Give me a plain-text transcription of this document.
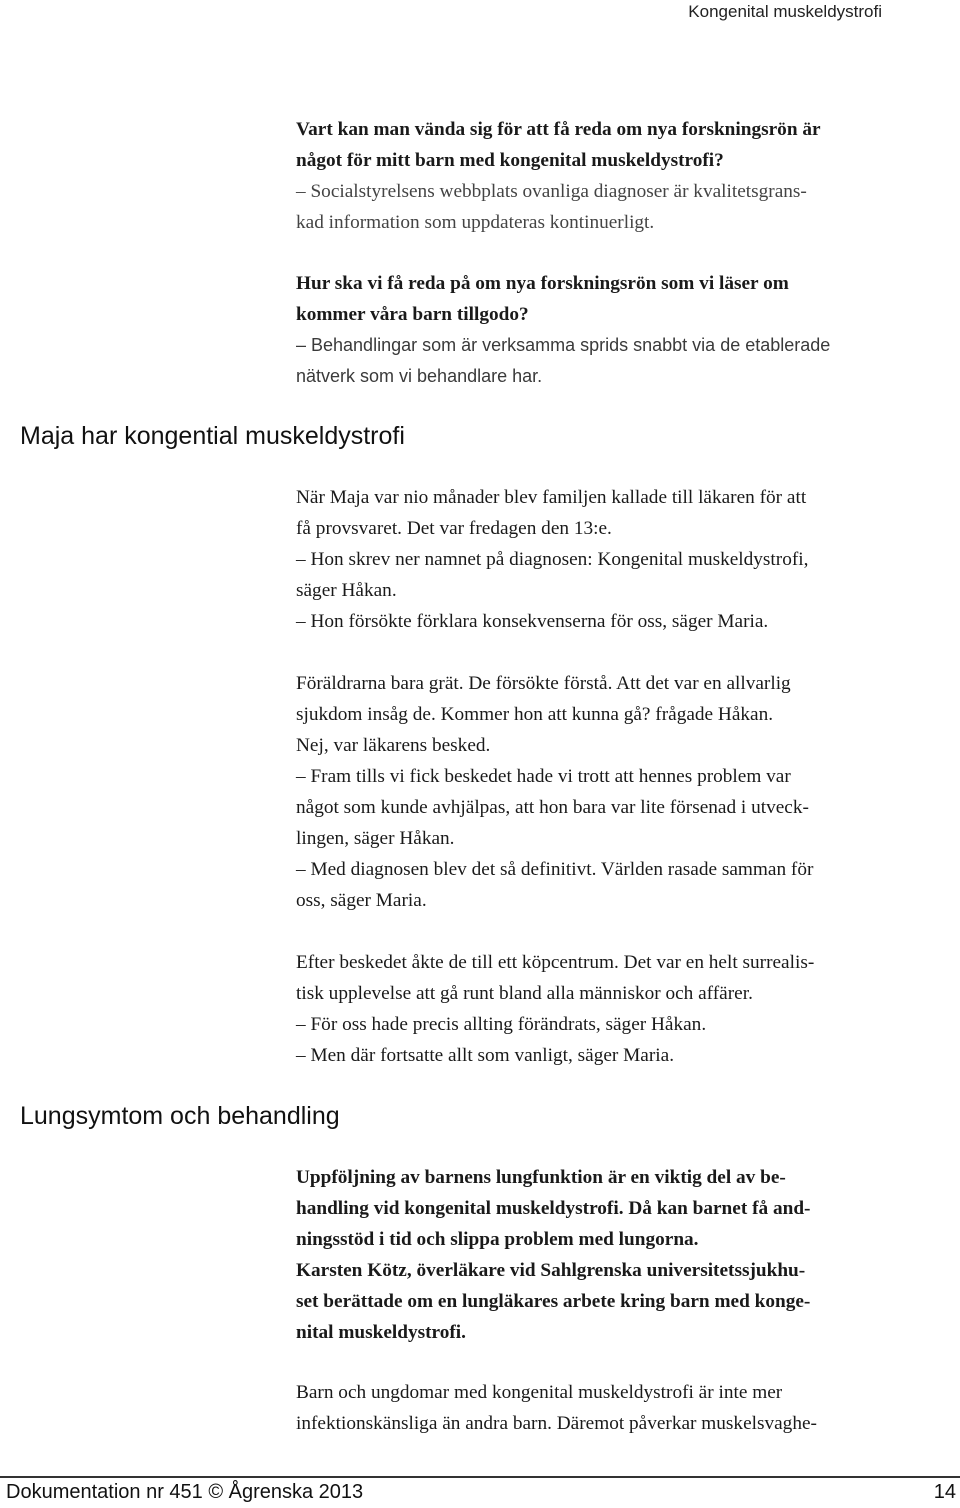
Kongenital muskeldystrofi
Vart kan man vända sig för att få reda om nya forskningsrön är
något för mitt barn med kongenital muskeldystrofi?
– Socialstyrelsens webbplats ovanliga diagnoser är kvalitetsgrans-
kad information som uppdateras kontinuerligt.
Hur ska vi få reda på om nya forskningsrön som vi läser om
kommer våra barn tillgodo?
– Behandlingar som är verksamma sprids snabbt via de etablerade
nätverk som vi behandlare har.
Maja har kongential muskeldystrofi
När Maja var nio månader blev familjen kallade till läkaren för att
få provsvaret. Det var fredagen den 13:e.
– Hon skrev ner namnet på diagnosen: Kongenital muskeldystrofi,
säger Håkan.
– Hon försökte förklara konsekvenserna för oss, säger Maria.
Föräldrarna bara grät. De försökte förstå. Att det var en allvarlig
sjukdom insåg de. Kommer hon att kunna gå? frågade Håkan.
Nej, var läkarens besked.
– Fram tills vi fick beskedet hade vi trott att hennes problem var
något som kunde avhjälpas, att hon bara var lite försenad i utveck-
lingen, säger Håkan.
– Med diagnosen blev det så definitivt. Världen rasade samman för
oss, säger Maria.
Efter beskedet åkte de till ett köpcentrum. Det var en helt surrealis-
tisk upplevelse att gå runt bland alla människor och affärer.
– För oss hade precis allting förändrats, säger Håkan.
– Men där fortsatte allt som vanligt, säger Maria.
Lungsymtom och behandling
Uppföljning av barnens lungfunktion är en viktig del av be-
handling vid kongenital muskeldystrofi. Då kan barnet få and-
ningsstöd i tid och slippa problem med lungorna.
Karsten Kötz, överläkare vid Sahlgrenska universitetssjukhu-
set berättade om en lungläkares arbete kring barn med konge-
nital muskeldystrofi.
Barn och ungdomar med kongenital muskeldystrofi är inte mer
infektionskänsliga än andra barn. Däremot påverkar muskelsvaghe-
Dokumentation nr 451 © Ågrenska 2013	14
